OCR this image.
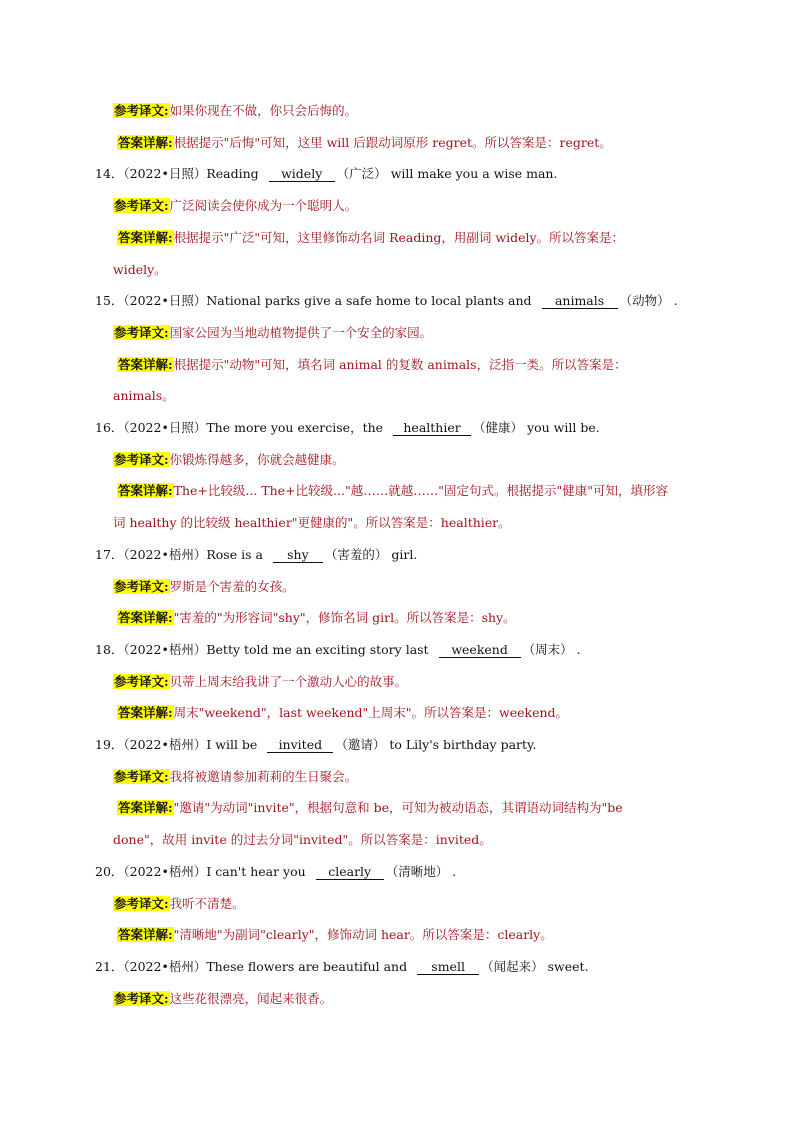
参考译文:如果你现在不做，你只会后悔的。
答案详解:根据提示"后悔"可知，这里 will 后跟动词原形 regret。所以答案是：regret。
14．（2022•日照）Reading widely （广泛） will make you a wise man.
参考译文:广泛阅读会使你成为一个聪明人。
答案详解:根据提示"广泛"可知，这里修饰动名词 Reading，用副词 widely。所以答案是：
widely。
15．（2022•日照）National parks give a safe home to local plants and animals （动物） .
参考译文:国家公园为当地动植物提供了一个安全的家园。
答案详解:根据提示"动物"可知，填名词 animal 的复数 animals，泛指一类。所以答案是：
animals。
16．（2022•日照）The more you exercise，the healthier （健康） you will be.
参考译文:你锻炼得越多，你就会越健康。
答案详解:The+比较级... The+比较级..."越……就越……"固定句式。根据提示"健康"可知，填形容
词 healthy 的比较级 healthier"更健康的"。所以答案是：healthier。
17．（2022•梧州）Rose is a shy （害羞的） girl.
参考译文:罗斯是个害羞的女孩。
答案详解:"害羞的"为形容词"shy"，修饰名词 girl。所以答案是：shy。
18．（2022•梧州）Betty told me an exciting story last weekend （周末） .
参考译文:贝蒂上周末给我讲了一个激动人心的故事。
答案详解:周末"weekend"，last weekend"上周末"。所以答案是：weekend。
19．（2022•梧州）I will be invited （邀请） to Lily's birthday party.
参考译文:我将被邀请参加莉莉的生日聚会。
答案详解:"邀请"为动词"invite"，根据句意和 be，可知为被动语态，其谓语动词结构为"be
done"，故用 invite 的过去分词"invited"。所以答案是：invited。
20．（2022•梧州）I can't hear you clearly （清晰地） .
参考译文:我听不清楚。
答案详解:"清晰地"为副词"clearly"，修饰动词 hear。所以答案是：clearly。
21．（2022•梧州）These flowers are beautiful and smell （闻起来） sweet.
参考译文:这些花很漂亮，闻起来很香。
